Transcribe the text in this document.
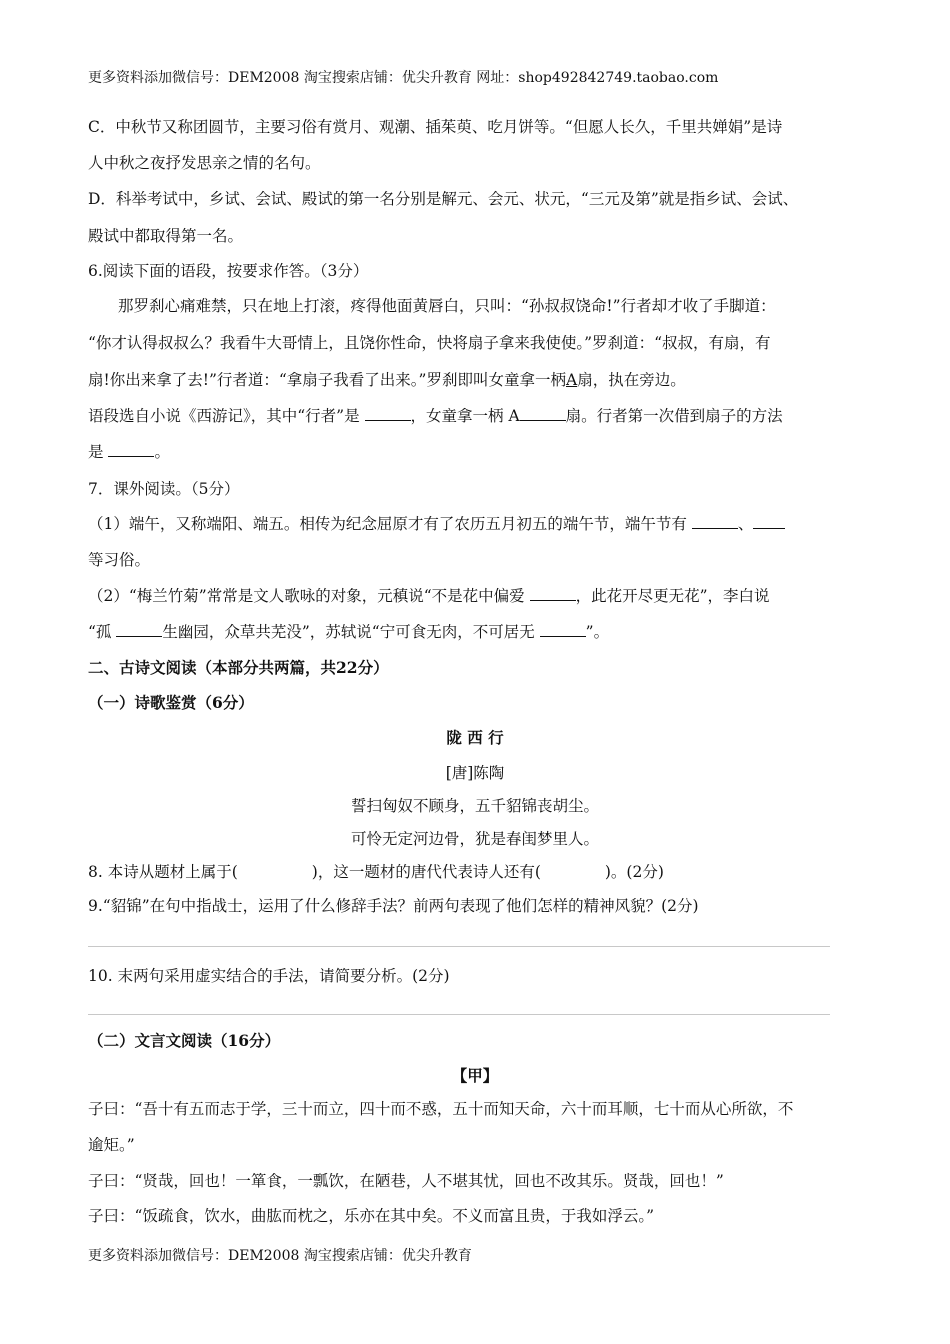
更多资料添加微信号：DEM2008 淘宝搜索店铺：优尖升教育 网址：shop492842749.taobao.com
C．中秋节又称团圆节，主要习俗有赏月、观潮、插茱萸、吃月饼等。“但愿人长久，千里共婵娟”是诗
人中秋之夜抒发思亲之情的名句。
D．科举考试中，乡试、会试、殿试的第一名分别是解元、会元、状元，“三元及第”就是指乡试、会试、
殿试中都取得第一名。
6.阅读下面的语段，按要求作答。（3分）
那罗刹心痛难禁，只在地上打滚，疼得他面黄唇白，只叫：“孙叔叔饶命!”行者却才收了手脚道：
“你才认得叔叔么？我看牛大哥情上，且饶你性命，快将扇子拿来我使使。”罗刹道：“叔叔，有扇，有
扇!你出来拿了去!”行者道：“拿扇子我看了出来。”罗刹即叫女童拿一柄A扇，执在旁边。
语段选自小说《西游记》，其中“行者”是	，女童拿一柄 A	扇。行者第一次借到扇子的方法
是	。
7．课外阅读。（5分）
（1）端午，又称端阳、端五。相传为纪念屈原才有了农历五月初五的端午节，端午节有	、
等习俗。
（2）“梅兰竹菊”常常是文人歌咏的对象，元稹说“不是花中偏爱	，此花开尽更无花”，李白说
“孤	生幽园，众草共芜没”，苏轼说“宁可食无肉，不可居无	”。
二、古诗文阅读（本部分共两篇，共22分）
（一）诗歌鉴赏（6分）
陇 西 行
[唐]陈陶
誓扫匈奴不顾身，五千貂锦丧胡尘。
可怜无定河边骨，犹是春闺梦里人。
8. 本诗从题材上属于(	)，这一题材的唐代代表诗人还有(	)。(2分)
9.“貂锦”在句中指战士，运用了什么修辞手法？前两句表现了他们怎样的精神风貌？(2分)
10. 末两句采用虚实结合的手法，请简要分析。(2分)
（二）文言文阅读（16分）
【甲】
子曰：“吾十有五而志于学，三十而立，四十而不惑，五十而知天命，六十而耳顺，七十而从心所欲，不
逾矩。”
子曰：“贤哉，回也！一箪食，一瓢饮，在陋巷，人不堪其忧，回也不改其乐。贤哉，回也！”
子曰：“饭疏食，饮水，曲肱而枕之，乐亦在其中矣。不义而富且贵，于我如浮云。”
更多资料添加微信号：DEM2008 淘宝搜索店铺：优尖升教育
